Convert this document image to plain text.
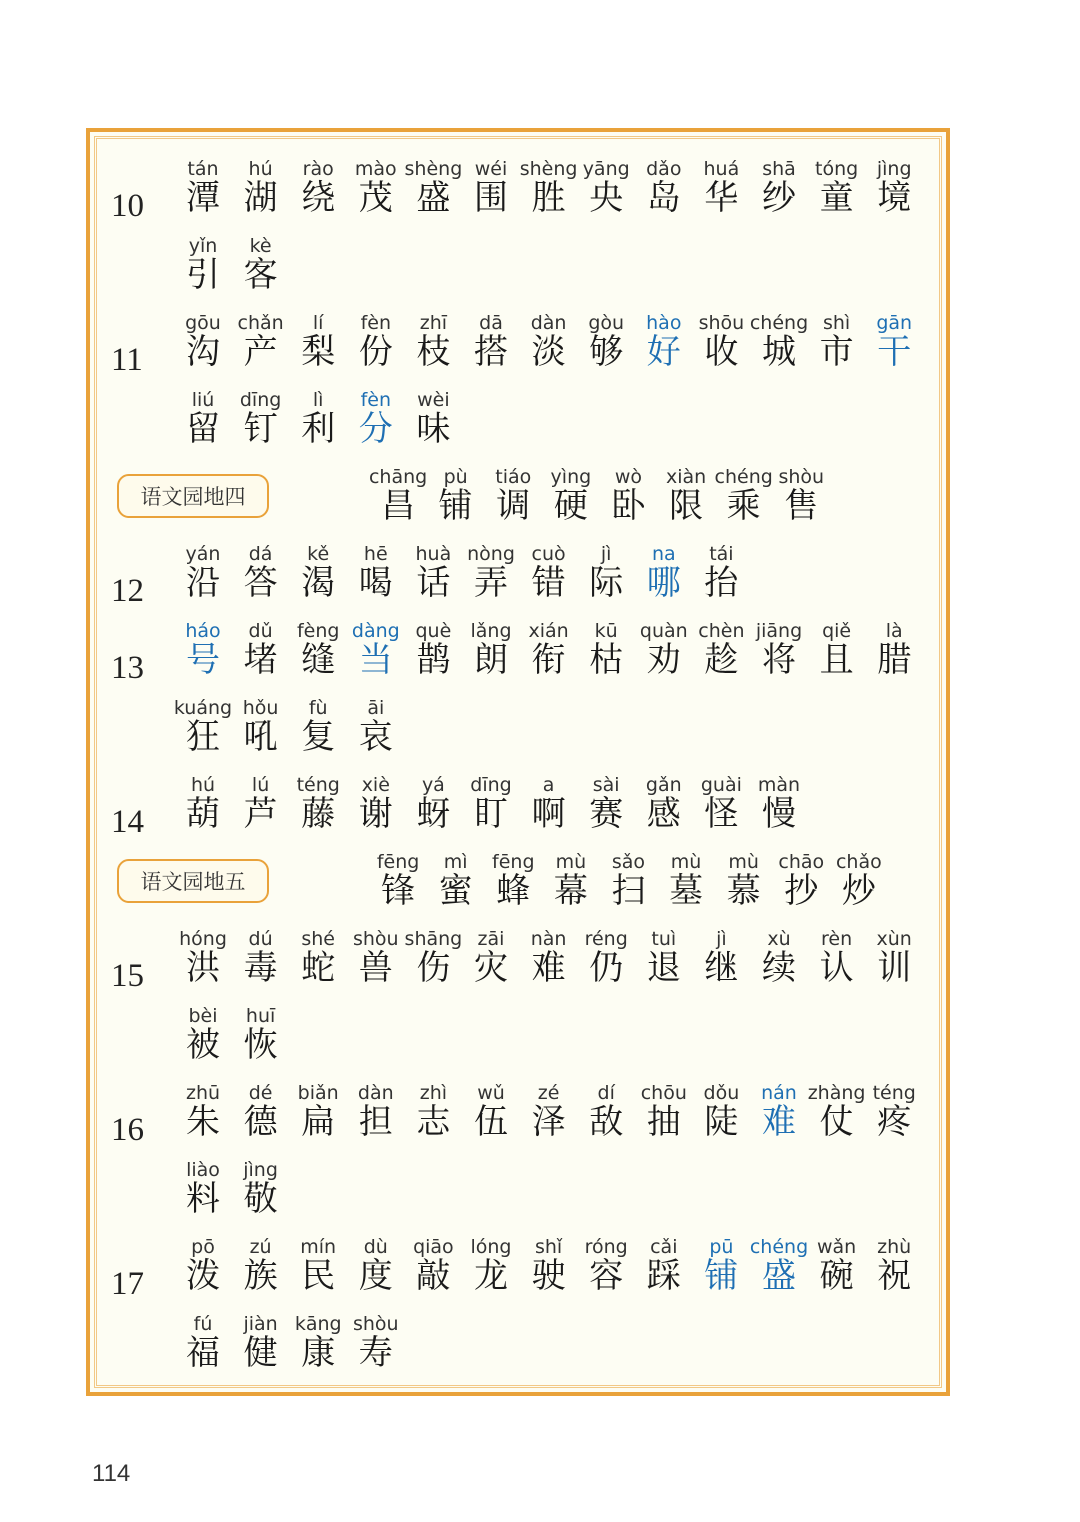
10
tán
潭
hú
湖
rào
绕
mào
茂
shèng
盛
wéi
围
shèng
胜
yāng
央
dǎo
岛
huá
华
shā
纱
tóng
童
jìng
境
yǐn
引
kè
客
11
gōu
沟
chǎn
产
lí
梨
fèn
份
zhī
枝
dā
搭
dàn
淡
gòu
够
hào
好
shōu
收
chéng
城
shì
市
gān
干
liú
留
dīng
钉
lì
利
fèn
分
wèi
味
语文园地四
chāng
昌
pù
铺
tiáo
调
yìng
硬
wò
卧
xiàn
限
chéng
乘
shòu
售
12
yán
沿
dá
答
kě
渴
hē
喝
huà
话
nòng
弄
cuò
错
jì
际
na
哪
tái
抬
13
háo
号
dǔ
堵
fèng
缝
dàng
当
què
鹊
lǎng
朗
xián
衔
kū
枯
quàn
劝
chèn
趁
jiāng
将
qiě
且
là
腊
kuáng
狂
hǒu
吼
fù
复
āi
哀
14
hú
葫
lú
芦
téng
藤
xiè
谢
yá
蚜
dīng
盯
a
啊
sài
赛
gǎn
感
guài
怪
màn
慢
语文园地五
fēng
锋
mì
蜜
fēng
蜂
mù
幕
sǎo
扫
mù
墓
mù
慕
chāo
抄
chǎo
炒
15
hóng
洪
dú
毒
shé
蛇
shòu
兽
shāng
伤
zāi
灾
nàn
难
réng
仍
tuì
退
jì
继
xù
续
rèn
认
xùn
训
bèi
被
huī
恢
16
zhū
朱
dé
德
biǎn
扁
dàn
担
zhì
志
wǔ
伍
zé
泽
dí
敌
chōu
抽
dǒu
陡
nán
难
zhàng
仗
téng
疼
liào
料
jìng
敬
17
pō
泼
zú
族
mín
民
dù
度
qiāo
敲
lóng
龙
shǐ
驶
róng
容
cǎi
踩
pū
铺
chéng
盛
wǎn
碗
zhù
祝
fú
福
jiàn
健
kāng
康
shòu
寿
114
